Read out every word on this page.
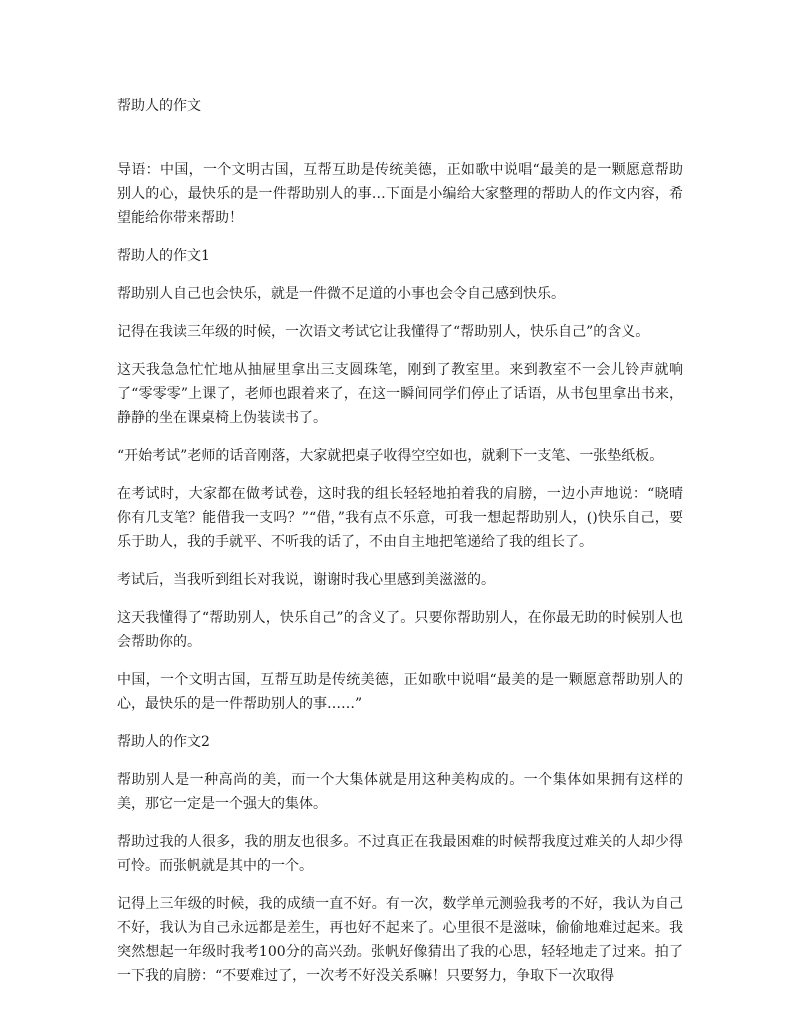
帮助人的作文

导语：中国，一个文明古国，互帮互助是传统美德，正如歌中说唱“最美的是一颗愿意帮助别人的心，最快乐的是一件帮助别人的事…下面是小编给大家整理的帮助人的作文内容，希望能给你带来帮助！

帮助人的作文1

帮助别人自己也会快乐，就是一件微不足道的小事也会令自己感到快乐。

记得在我读三年级的时候，一次语文考试它让我懂得了“帮助别人，快乐自己”的含义。

这天我急急忙忙地从抽屉里拿出三支圆珠笔，刚到了教室里。来到教室不一会儿铃声就响了“零零零”上课了，老师也跟着来了，在这一瞬间同学们停止了话语，从书包里拿出书来，静静的坐在课桌椅上伪装读书了。

“开始考试”老师的话音刚落，大家就把桌子收得空空如也，就剩下一支笔、一张垫纸板。

在考试时，大家都在做考试卷，这时我的组长轻轻地拍着我的肩膀，一边小声地说：“晓晴你有几支笔？能借我一支吗？”“借，”我有点不乐意，可我一想起帮助别人，()快乐自己，要乐于助人，我的手就平、不听我的话了，不由自主地把笔递给了我的组长了。

考试后，当我听到组长对我说，谢谢时我心里感到美滋滋的。

这天我懂得了“帮助别人，快乐自己”的含义了。只要你帮助别人，在你最无助的时候别人也会帮助你的。

中国，一个文明古国，互帮互助是传统美德，正如歌中说唱“最美的是一颗愿意帮助别人的心，最快乐的是一件帮助别人的事……”

帮助人的作文2

帮助别人是一种高尚的美，而一个大集体就是用这种美构成的。一个集体如果拥有这样的美，那它一定是一个强大的集体。

帮助过我的人很多，我的朋友也很多。不过真正在我最困难的时候帮我度过难关的人却少得可怜。而张帆就是其中的一个。

记得上三年级的时候，我的成绩一直不好。有一次，数学单元测验我考的不好，我认为自己不好，我认为自己永远都是差生，再也好不起来了。心里很不是滋味，偷偷地难过起来。我突然想起一年级时我考100分的高兴劲。张帆好像猜出了我的心思，轻轻地走了过来。拍了一下我的肩膀：“不要难过了，一次考不好没关系嘛！只要努力，争取下一次取得
